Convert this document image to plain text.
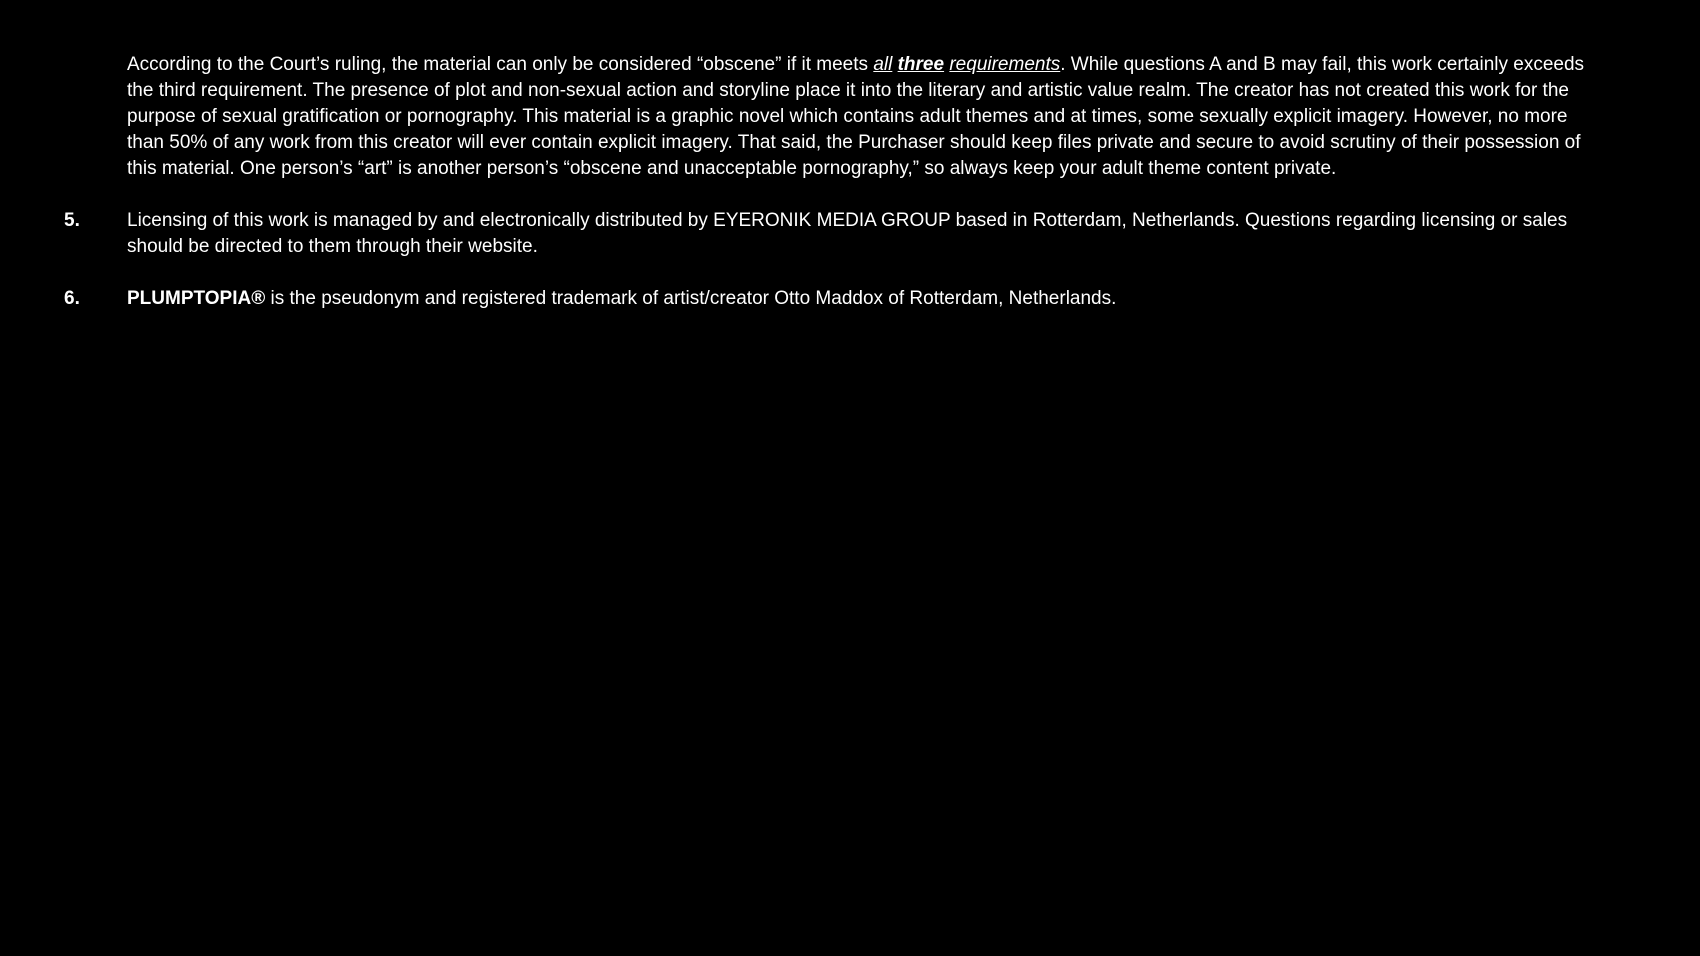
According to the Court’s ruling, the material can only be considered “obscene” if it meets all three requirements. While questions A and B may fail, this work certainly exceeds the third requirement. The presence of plot and non-sexual action and storyline place it into the literary and artistic value realm. The creator has not created this work for the purpose of sexual gratification or pornography. This material is a graphic novel which contains adult themes and at times, some sexually explicit imagery. However, no more than 50% of any work from this creator will ever contain explicit imagery. That said, the Purchaser should keep files private and secure to avoid scrutiny of their possession of this material. One person’s “art” is another person’s “obscene and unacceptable pornography,” so always keep your adult theme content private.

5.	Licensing of this work is managed by and electronically distributed by EYERONIK MEDIA GROUP based in Rotterdam, Netherlands. Questions regarding licensing or sales should be directed to them through their website.
6.	PLUMPTOPIA® is the pseudonym and registered trademark of artist/creator Otto Maddox of Rotterdam, Netherlands.
